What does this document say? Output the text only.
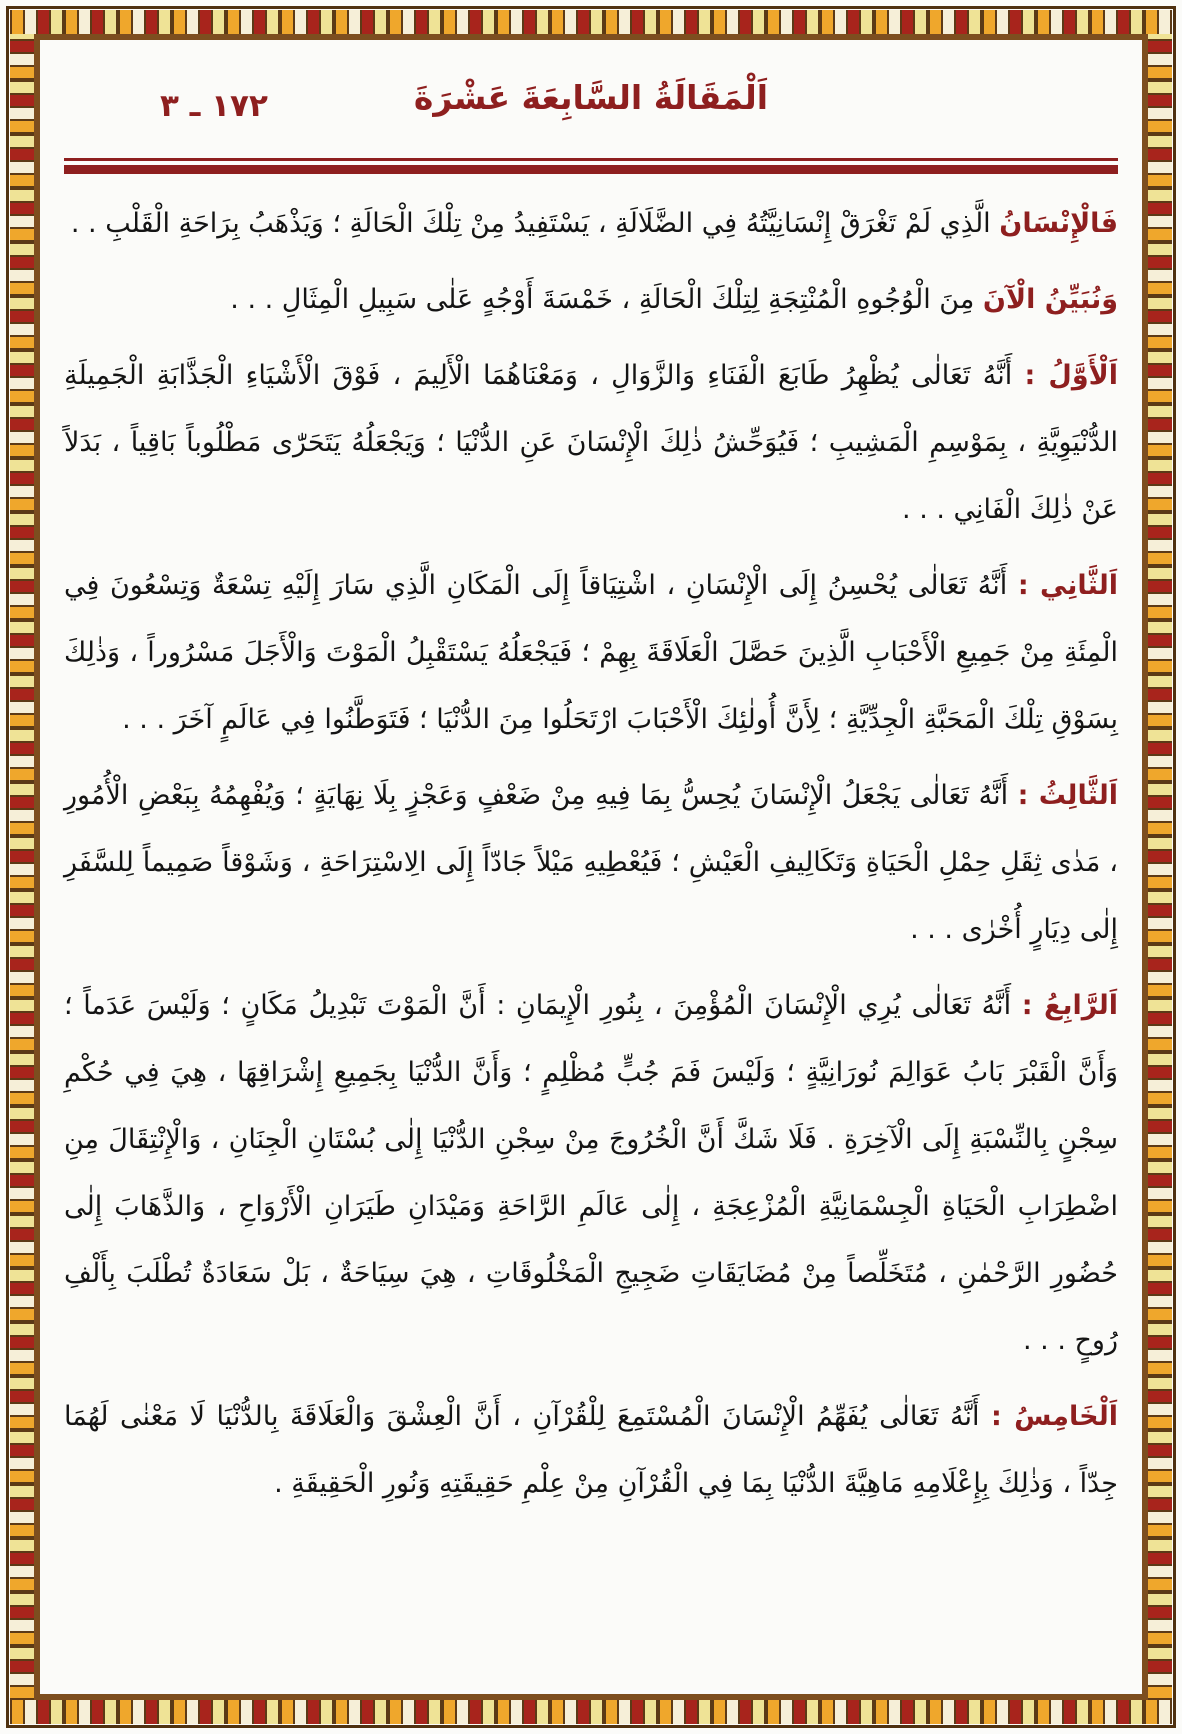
١٧٢ ـ ٣	اَلْمَقَالَةُ السَّابِعَةَ عَشْرَةَ

فَالْإِنْسَانُ الَّذِي لَمْ تَغْرَقْ إِنْسَانِيَّتُهُ فِي الضَّلَالَةِ ، يَسْتَفِيدُ مِنْ تِلْكَ الْحَالَةِ ؛ وَيَذْهَبُ بِرَاحَةِ الْقَلْبِ . .

وَنُبَيِّنُ الْآنَ مِنَ الْوُجُوهِ الْمُنْتِجَةِ لِتِلْكَ الْحَالَةِ ، خَمْسَةَ أَوْجُهٍ عَلٰى سَبِيلِ الْمِثَالِ . . .

اَلْأَوَّلُ : أَنَّهُ تَعَالٰى يُظْهِرُ طَابَعَ الْفَنَاءِ وَالزَّوَالِ ، وَمَعْنَاهُمَا الْأَلِيمَ ، فَوْقَ الْأَشْيَاءِ الْجَذَّابَةِ الْجَمِيلَةِ الدُّنْيَوِيَّةِ ، بِمَوْسِمِ الْمَشِيبِ ؛ فَيُوَحِّشُ ذٰلِكَ الْإِنْسَانَ عَنِ الدُّنْيَا ؛ وَيَجْعَلُهُ يَتَحَرّٰى مَطْلُوباً بَاقِياً ، بَدَلاً عَنْ ذٰلِكَ الْفَانِي . . .

اَلثَّانِي : أَنَّهُ تَعَالٰى يُحْسِنُ إِلَى الْإِنْسَانِ ، اشْتِيَاقاً إِلَى الْمَكَانِ الَّذِي سَارَ إِلَيْهِ تِسْعَةٌ وَتِسْعُونَ فِي الْمِئَةِ مِنْ جَمِيعِ الْأَحْبَابِ الَّذِينَ حَصَّلَ الْعَلَاقَةَ بِهِمْ ؛ فَيَجْعَلُهُ يَسْتَقْبِلُ الْمَوْتَ وَالْأَجَلَ مَسْرُوراً ، وَذٰلِكَ بِسَوْقِ تِلْكَ الْمَحَبَّةِ الْجِدِّيَّةِ ؛ لِأَنَّ أُولٰئِكَ الْأَحْبَابَ ارْتَحَلُوا مِنَ الدُّنْيَا ؛ فَتَوَطَّنُوا فِي عَالَمٍ آخَرَ . . .

اَلثَّالِثُ : أَنَّهُ تَعَالٰى يَجْعَلُ الْإِنْسَانَ يُحِسُّ بِمَا فِيهِ مِنْ ضَعْفٍ وَعَجْزٍ بِلَا نِهَايَةٍ ؛ وَيُفْهِمُهُ بِبَعْضِ الْأُمُورِ ، مَدٰى ثِقَلِ حِمْلِ الْحَيَاةِ وَتَكَالِيفِ الْعَيْشِ ؛ فَيُعْطِيهِ مَيْلاً جَادّاً إِلَى الِاسْتِرَاحَةِ ، وَشَوْقاً صَمِيماً لِلسَّفَرِ إِلٰى دِيَارٍ أُخْرٰى . . .

اَلرَّابِعُ : أَنَّهُ تَعَالٰى يُرِي الْإِنْسَانَ الْمُؤْمِنَ ، بِنُورِ الْإِيمَانِ : أَنَّ الْمَوْتَ تَبْدِيلُ مَكَانٍ ؛ وَلَيْسَ عَدَماً ؛ وَأَنَّ الْقَبْرَ بَابُ عَوَالِمَ نُورَانِيَّةٍ ؛ وَلَيْسَ فَمَ جُبٍّ مُظْلِمٍ ؛ وَأَنَّ الدُّنْيَا بِجَمِيعِ إِشْرَاقِهَا ، هِيَ فِي حُكْمِ سِجْنٍ بِالنِّسْبَةِ إِلَى الْآخِرَةِ . فَلَا شَكَّ أَنَّ الْخُرُوجَ مِنْ سِجْنِ الدُّنْيَا إِلٰى بُسْتَانِ الْجِنَانِ ، وَالْإِنْتِقَالَ مِنِ اضْطِرَابِ الْحَيَاةِ الْجِسْمَانِيَّةِ الْمُزْعِجَةِ ، إِلٰى عَالَمِ الرَّاحَةِ وَمَيْدَانِ طَيَرَانِ الْأَرْوَاحِ ، وَالذَّهَابَ إِلٰى حُضُورِ الرَّحْمٰنِ ، مُتَخَلِّصاً مِنْ مُضَايَقَاتِ ضَجِيجِ الْمَخْلُوقَاتِ ، هِيَ سِيَاحَةٌ ، بَلْ سَعَادَةٌ تُطْلَبَ بِأَلْفِ رُوحٍ . . .

اَلْخَامِسُ : أَنَّهُ تَعَالٰى يُفَهِّمُ الْإِنْسَانَ الْمُسْتَمِعَ لِلْقُرْآنِ ، أَنَّ الْعِشْقَ وَالْعَلَاقَةَ بِالدُّنْيَا لَا مَعْنٰى لَهُمَا جِدّاً ، وَذٰلِكَ بِإِعْلَامِهِ مَاهِيَّةَ الدُّنْيَا بِمَا فِي الْقُرْآنِ مِنْ عِلْمِ حَقِيقَتِهِ وَنُورِ الْحَقِيقَةِ .
